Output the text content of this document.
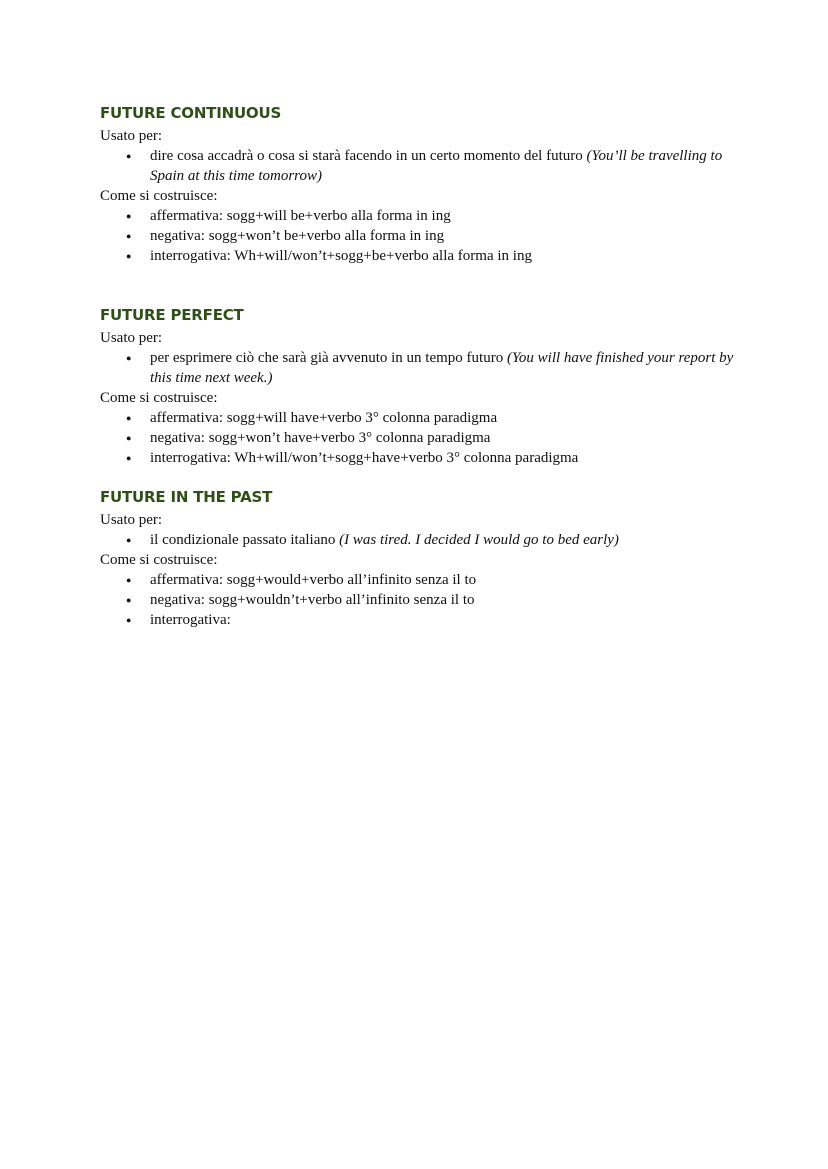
FUTURE CONTINUOUS

Usato per:

● dire cosa accadrà o cosa si starà facendo in un certo momento del futuro (You’ll be travelling to Spain at this time tomorrow)

Come si costruisce:

● affermativa: sogg+will be+verbo alla forma in ing
● negativa: sogg+won’t be+verbo alla forma in ing
● interrogativa: Wh+will/won’t+sogg+be+verbo alla forma in ing
FUTURE PERFECT

Usato per:

● per esprimere ciò che sarà già avvenuto in un tempo futuro (You will have finished your report by this time next week.)

Come si costruisce:

● affermativa: sogg+will have+verbo 3° colonna paradigma
● negativa: sogg+won’t have+verbo 3° colonna paradigma
● interrogativa: Wh+will/won’t+sogg+have+verbo 3° colonna paradigma
FUTURE IN THE PAST

Usato per:

● il condizionale passato italiano (I was tired. I decided I would go to bed early)

Come si costruisce:

● affermativa: sogg+would+verbo all’infinito senza il to
● negativa: sogg+wouldn’t+verbo all’infinito senza il to
● interrogativa:
